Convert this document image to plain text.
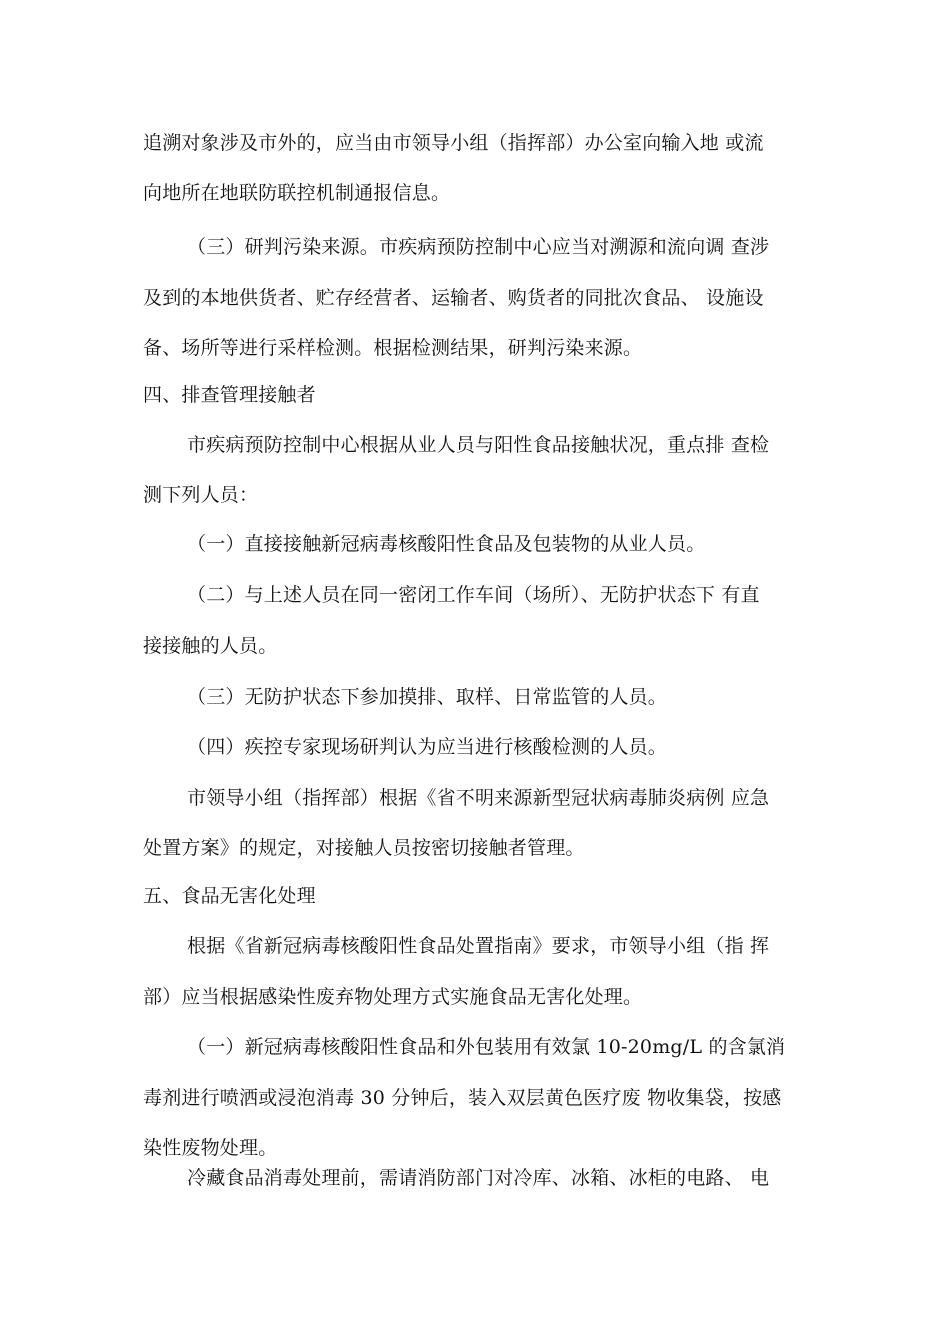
追溯对象涉及市外的，应当由市领导小组（指挥部）办公室向输入地 或流
向地所在地联防联控机制通报信息。
（三）研判污染来源。市疾病预防控制中心应当对溯源和流向调 查涉
及到的本地供货者、贮存经营者、运输者、购货者的同批次食品、 设施设
备、场所等进行采样检测。根据检测结果，研判污染来源。
四、排查管理接触者
市疾病预防控制中心根据从业人员与阳性食品接触状况，重点排 查检
测下列人员：
（一）直接接触新冠病毒核酸阳性食品及包装物的从业人员。
（二）与上述人员在同一密闭工作车间（场所）、无防护状态下 有直
接接触的人员。
（三）无防护状态下参加摸排、取样、日常监管的人员。
（四）疾控专家现场研判认为应当进行核酸检测的人员。
市领导小组（指挥部）根据《省不明来源新型冠状病毒肺炎病例 应急
处置方案》的规定，对接触人员按密切接触者管理。
五、食品无害化处理
根据《省新冠病毒核酸阳性食品处置指南》要求，市领导小组（指 挥
部）应当根据感染性废弃物处理方式实施食品无害化处理。
（一）新冠病毒核酸阳性食品和外包装用有效氯 10-20mg/L 的含氯消
毒剂进行喷洒或浸泡消毒 30 分钟后，装入双层黄色医疗废 物收集袋，按感
染性废物处理。
冷藏食品消毒处理前，需请消防部门对冷库、冰箱、冰柜的电路、 电
